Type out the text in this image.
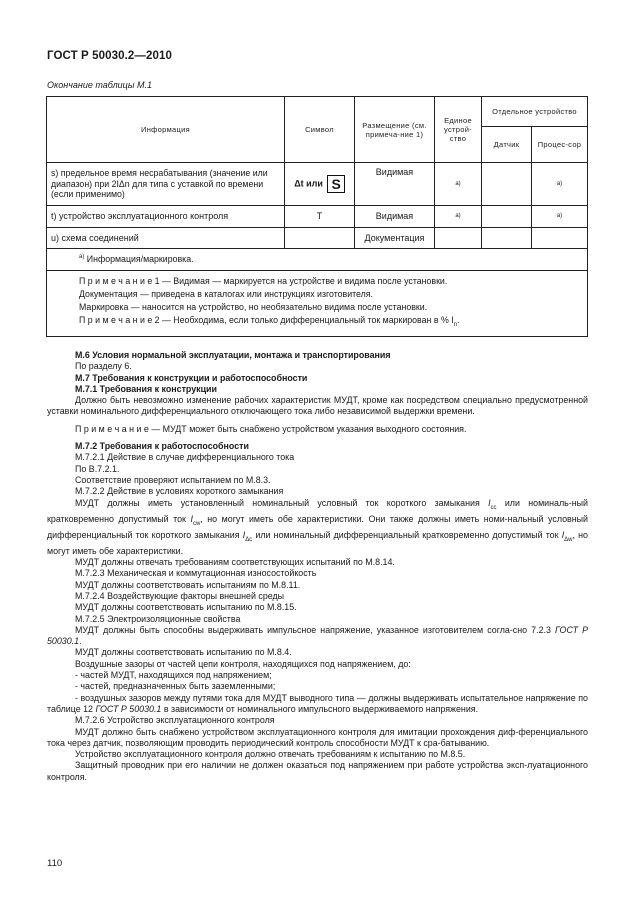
ГОСТ Р 50030.2—2010
Окончание таблицы М.1
Информация	Символ	Размещение (см. примеча-ние 1)	Единое устрой-ство	Отдельное устройство	
				Датчик	Процес-сор
s) предельное время несрабатывания (значение или диапазон) при 2IΔn для типа с уставкой по времени (если применимо)	Δt или S	Видимая	а)		а)
t) устройство эксплуатационного контроля	T	Видимая	а)		а)
u) схема соединений		Документация			
$^{а)}$ Информация/маркировка.					

П р и м е ч а н и е 1 — Видимая — маркируется на устройстве и видима после установки.
Документация — приведена в каталогах или инструкциях изготовителя.
Маркировка — наносится на устройство, но необязательно видима после установки.
П р и м е ч а н и е 2 — Необходима, если только дифференциальный ток маркирован в % $I_n$.					

М.6 Условия нормальной эксплуатации, монтажа и транспортирования

По разделу 6.

М.7 Требования к конструкции и работоспособности

М.7.1 Требования к конструкции

Должно быть невозможно изменение рабочих характеристик МУДТ, кроме как посредством специально предусмотренной уставки номинального дифференциального отключающего тока либо независимой выдержки времени.

П р и м е ч а н и е — МУДТ может быть снабжено устройством указания выходного состояния.

М.7.2 Требования к работоспособности

М.7.2.1 Действие в случае дифференциального тока

По В.7.2.1.

Соответствие проверяют испытанием по М.8.3.

М.7.2.2 Действие в условиях короткого замыкания

МУДТ должны иметь установленный номинальный условный ток короткого замыкания $I_{cc}$ или номиналь-ный кратковременно допустимый ток $I_{cw}$, но могут иметь обе характеристики. Они также должны иметь номи-нальный условный дифференциальный ток короткого замыкания $I_{\Delta c}$ или номинальный дифференциальный кратковременно допустимый ток $I_{\Delta w}$, но могут иметь обе характеристики.

МУДТ должны отвечать требованиям соответствующих испытаний по М.8.14.

М.7.2.3 Механическая и коммутационная износостойкость

МУДТ должны соответствовать испытаниям по М.8.11.

М.7.2.4 Воздействующие факторы внешней среды

МУДТ должны соответствовать испытанию по М.8.15.

М.7.2.5 Электроизоляционные свойства

МУДТ должны быть способны выдерживать импульсное напряжение, указанное изготовителем согла-сно 7.2.3 ГОСТ Р 50030.1.

МУДТ должны соответствовать испытанию по М.8.4.

Воздушные зазоры от частей цепи контроля, находящихся под напряжением, до:

- частей МУДТ, находящихся под напряжением;

- частей, предназначенных быть заземленными;

- воздушных зазоров между путями тока для МУДТ выводного типа — должны выдерживать испытательное напряжение по таблице 12 ГОСТ Р 50030.1 в зависимости от номинального импульсного выдерживаемого напряжения.

М.7.2.6 Устройство эксплуатационного контроля

МУДТ должно быть снабжено устройством эксплуатационного контроля для имитации прохождения диф-ференциального тока через датчик, позволяющим проводить периодический контроль способности МУДТ к сра-батыванию.

Устройство эксплуатационного контроля должно отвечать требованиям к испытанию по М.8.5.

Защитный проводник при его наличии не должен оказаться под напряжением при работе устройства эксп-луатационного контроля.

110
